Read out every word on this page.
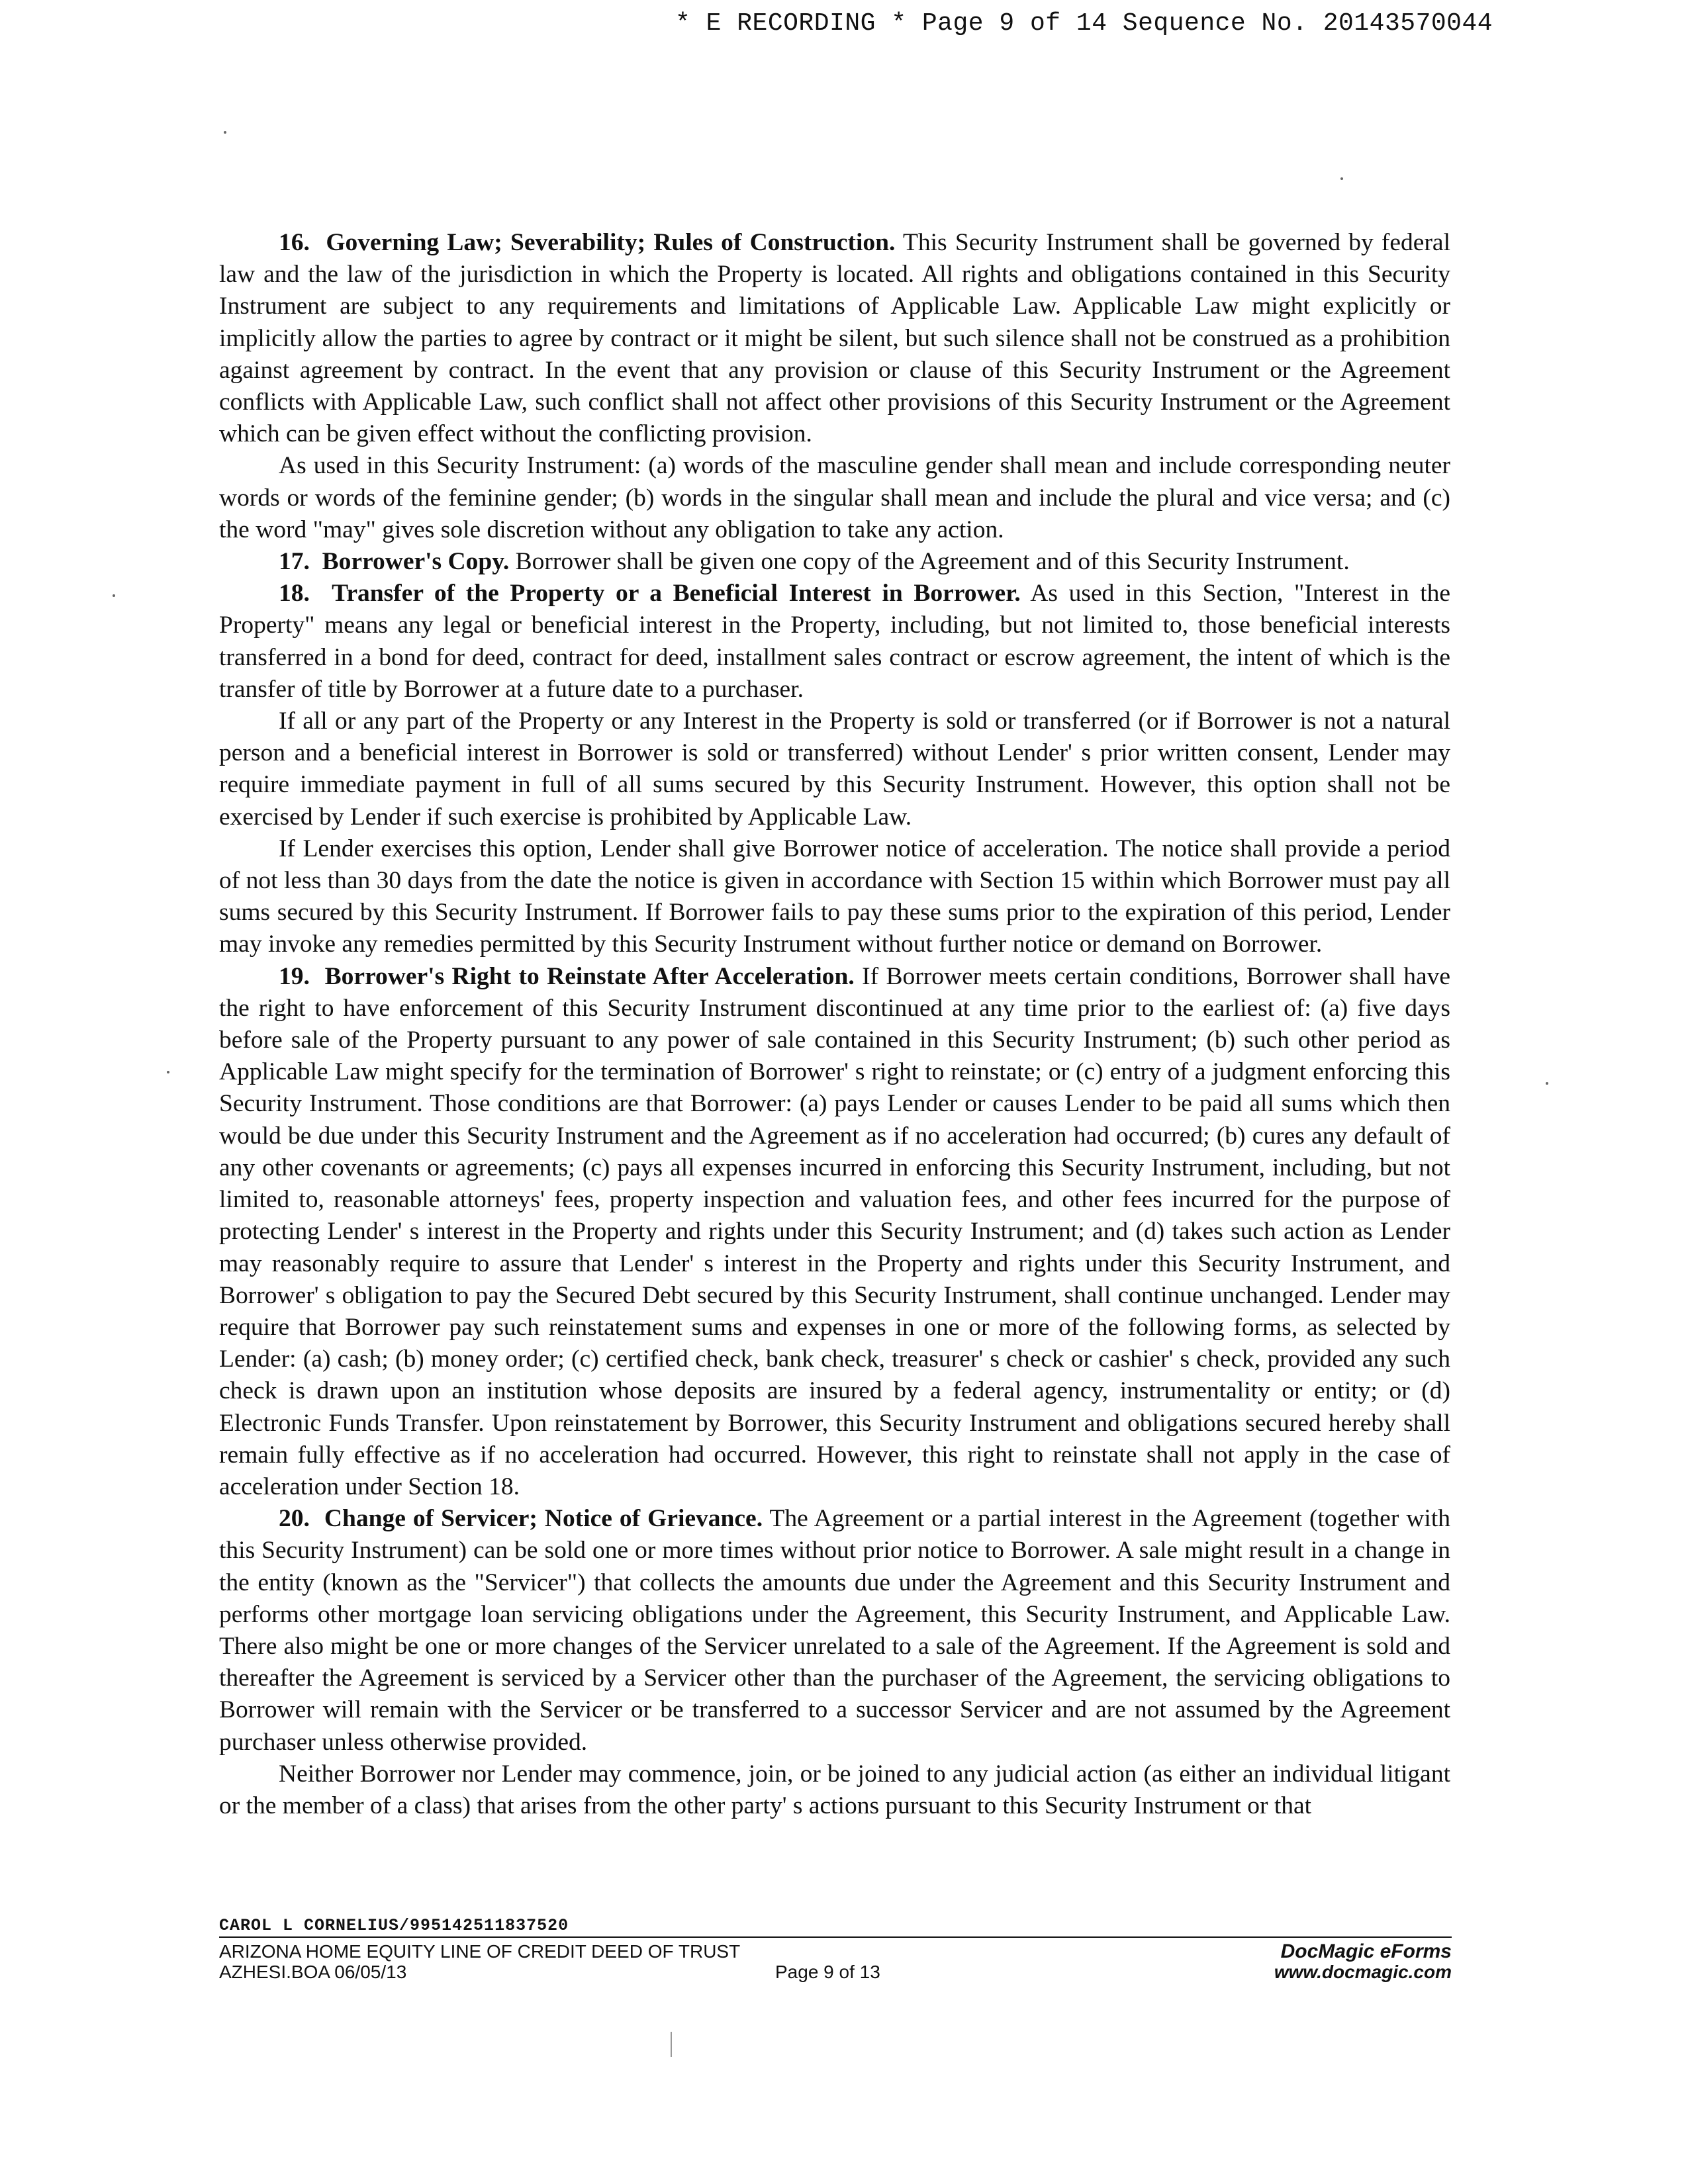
* E RECORDING * Page 9 of 14 Sequence No. 20143570044

16. Governing Law; Severability; Rules of Construction. This Security Instrument shall be governed by federal law and the law of the jurisdiction in which the Property is located. All rights and obligations contained in this Security Instrument are subject to any requirements and limitations of Applicable Law. Applicable Law might explicitly or implicitly allow the parties to agree by contract or it might be silent, but such silence shall not be construed as a prohibition against agreement by contract. In the event that any provision or clause of this Security Instrument or the Agreement conflicts with Applicable Law, such conflict shall not affect other provisions of this Security Instrument or the Agreement which can be given effect without the conflicting provision.

As used in this Security Instrument: (a) words of the masculine gender shall mean and include corresponding neuter words or words of the feminine gender; (b) words in the singular shall mean and include the plural and vice versa; and (c) the word "may" gives sole discretion without any obligation to take any action.

17. Borrower's Copy. Borrower shall be given one copy of the Agreement and of this Security Instrument.

18. Transfer of the Property or a Beneficial Interest in Borrower. As used in this Section, "Interest in the Property" means any legal or beneficial interest in the Property, including, but not limited to, those beneficial interests transferred in a bond for deed, contract for deed, installment sales contract or escrow agreement, the intent of which is the transfer of title by Borrower at a future date to a purchaser.

If all or any part of the Property or any Interest in the Property is sold or transferred (or if Borrower is not a natural person and a beneficial interest in Borrower is sold or transferred) without Lender' s prior written consent, Lender may require immediate payment in full of all sums secured by this Security Instrument. However, this option shall not be exercised by Lender if such exercise is prohibited by Applicable Law.

If Lender exercises this option, Lender shall give Borrower notice of acceleration. The notice shall provide a period of not less than 30 days from the date the notice is given in accordance with Section 15 within which Borrower must pay all sums secured by this Security Instrument. If Borrower fails to pay these sums prior to the expiration of this period, Lender may invoke any remedies permitted by this Security Instrument without further notice or demand on Borrower.

19. Borrower's Right to Reinstate After Acceleration. If Borrower meets certain conditions, Borrower shall have the right to have enforcement of this Security Instrument discontinued at any time prior to the earliest of: (a) five days before sale of the Property pursuant to any power of sale contained in this Security Instrument; (b) such other period as Applicable Law might specify for the termination of Borrower' s right to reinstate; or (c) entry of a judgment enforcing this Security Instrument. Those conditions are that Borrower: (a) pays Lender or causes Lender to be paid all sums which then would be due under this Security Instrument and the Agreement as if no acceleration had occurred; (b) cures any default of any other covenants or agreements; (c) pays all expenses incurred in enforcing this Security Instrument, including, but not limited to, reasonable attorneys' fees, property inspection and valuation fees, and other fees incurred for the purpose of protecting Lender' s interest in the Property and rights under this Security Instrument; and (d) takes such action as Lender may reasonably require to assure that Lender' s interest in the Property and rights under this Security Instrument, and Borrower' s obligation to pay the Secured Debt secured by this Security Instrument, shall continue unchanged. Lender may require that Borrower pay such reinstatement sums and expenses in one or more of the following forms, as selected by Lender: (a) cash; (b) money order; (c) certified check, bank check, treasurer' s check or cashier' s check, provided any such check is drawn upon an institution whose deposits are insured by a federal agency, instrumentality or entity; or (d) Electronic Funds Transfer. Upon reinstatement by Borrower, this Security Instrument and obligations secured hereby shall remain fully effective as if no acceleration had occurred. However, this right to reinstate shall not apply in the case of acceleration under Section 18.

20. Change of Servicer; Notice of Grievance. The Agreement or a partial interest in the Agreement (together with this Security Instrument) can be sold one or more times without prior notice to Borrower. A sale might result in a change in the entity (known as the "Servicer") that collects the amounts due under the Agreement and this Security Instrument and performs other mortgage loan servicing obligations under the Agreement, this Security Instrument, and Applicable Law. There also might be one or more changes of the Servicer unrelated to a sale of the Agreement. If the Agreement is sold and thereafter the Agreement is serviced by a Servicer other than the purchaser of the Agreement, the servicing obligations to Borrower will remain with the Servicer or be transferred to a successor Servicer and are not assumed by the Agreement purchaser unless otherwise provided.

Neither Borrower nor Lender may commence, join, or be joined to any judicial action (as either an individual litigant or the member of a class) that arises from the other party' s actions pursuant to this Security Instrument or that

CAROL L CORNELIUS/995142511837520
ARIZONA HOME EQUITY LINE OF CREDIT DEED OF TRUST	DocMagic eForms
AZHESI.BOA 06/05/13	Page 9 of 13	www.docmagic.com
